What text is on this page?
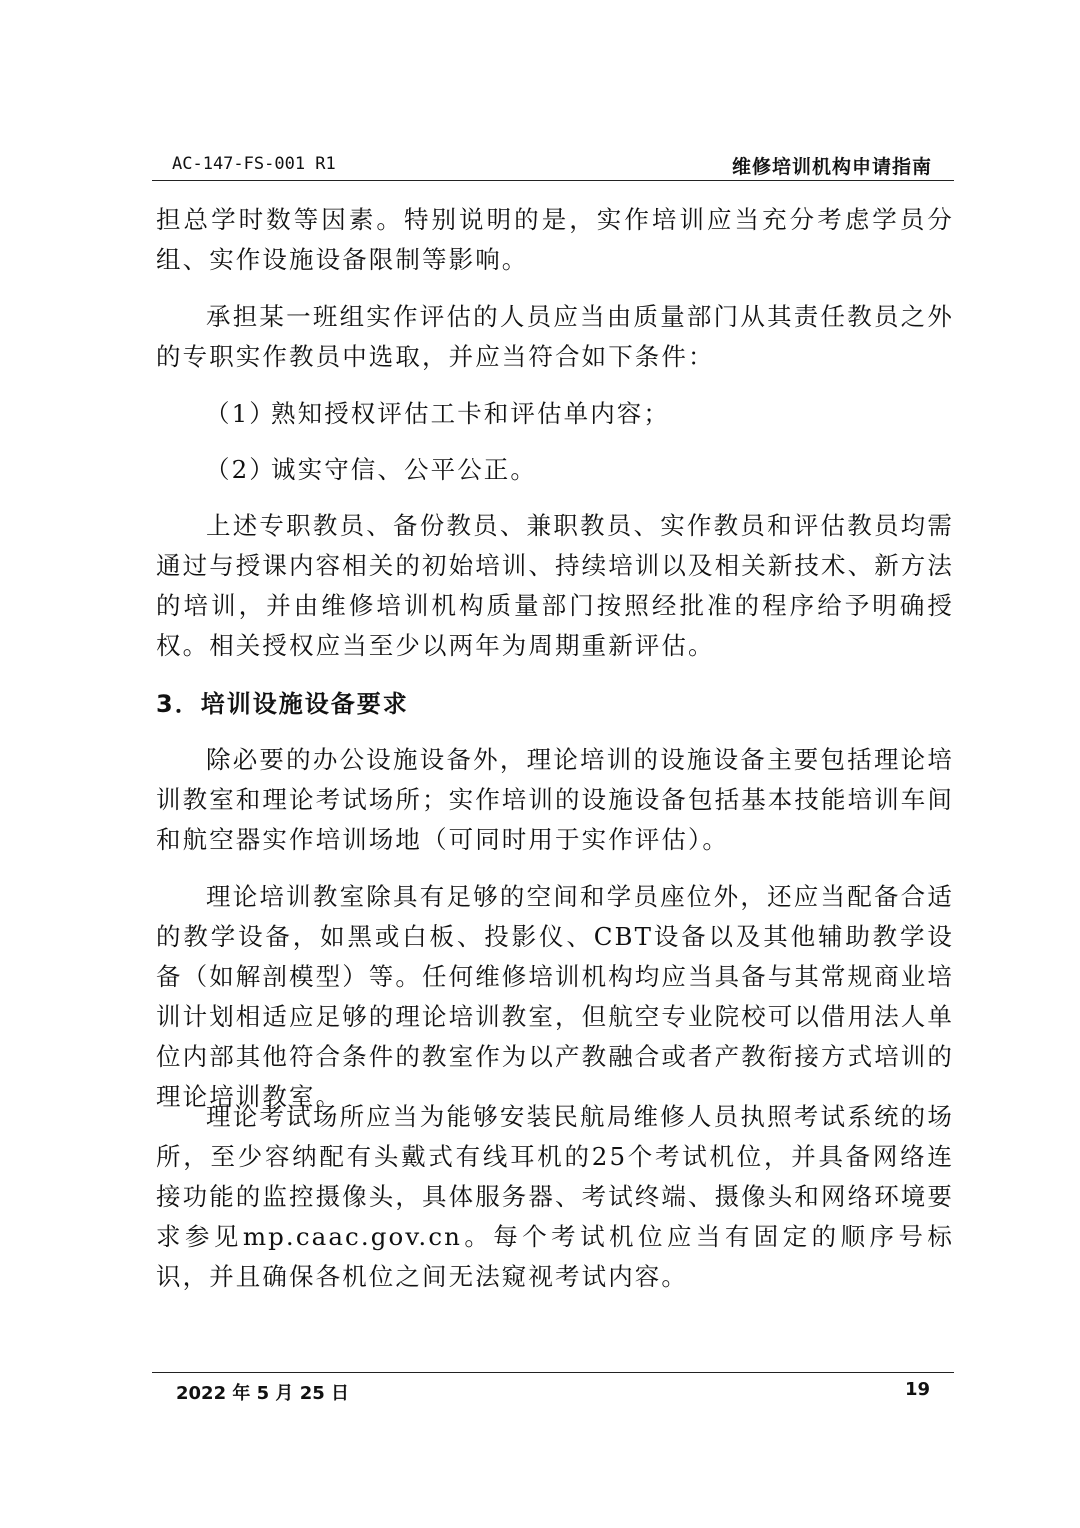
AC-147-FS-001 R1	维修培训机构申请指南

担总学时数等因素。特别说明的是，实作培训应当充分考虑学员分组、实作设施设备限制等影响。

承担某一班组实作评估的人员应当由质量部门从其责任教员之外的专职实作教员中选取，并应当符合如下条件：

（1）熟知授权评估工卡和评估单内容；

（2）诚实守信、公平公正。

上述专职教员、备份教员、兼职教员、实作教员和评估教员均需通过与授课内容相关的初始培训、持续培训以及相关新技术、新方法的培训，并由维修培训机构质量部门按照经批准的程序给予明确授权。相关授权应当至少以两年为周期重新评估。

3．培训设施设备要求

除必要的办公设施设备外，理论培训的设施设备主要包括理论培训教室和理论考试场所；实作培训的设施设备包括基本技能培训车间和航空器实作培训场地（可同时用于实作评估）。

理论培训教室除具有足够的空间和学员座位外，还应当配备合适的教学设备，如黑或白板、投影仪、CBT设备以及其他辅助教学设备（如解剖模型）等。任何维修培训机构均应当具备与其常规商业培训计划相适应足够的理论培训教室，但航空专业院校可以借用法人单位内部其他符合条件的教室作为以产教融合或者产教衔接方式培训的理论培训教室。

理论考试场所应当为能够安装民航局维修人员执照考试系统的场所，至少容纳配有头戴式有线耳机的25个考试机位，并具备网络连接功能的监控摄像头，具体服务器、考试终端、摄像头和网络环境要求参见mp.caac.gov.cn。每个考试机位应当有固定的顺序号标识，并且确保各机位之间无法窥视考试内容。

2022 年 5 月 25 日	19
